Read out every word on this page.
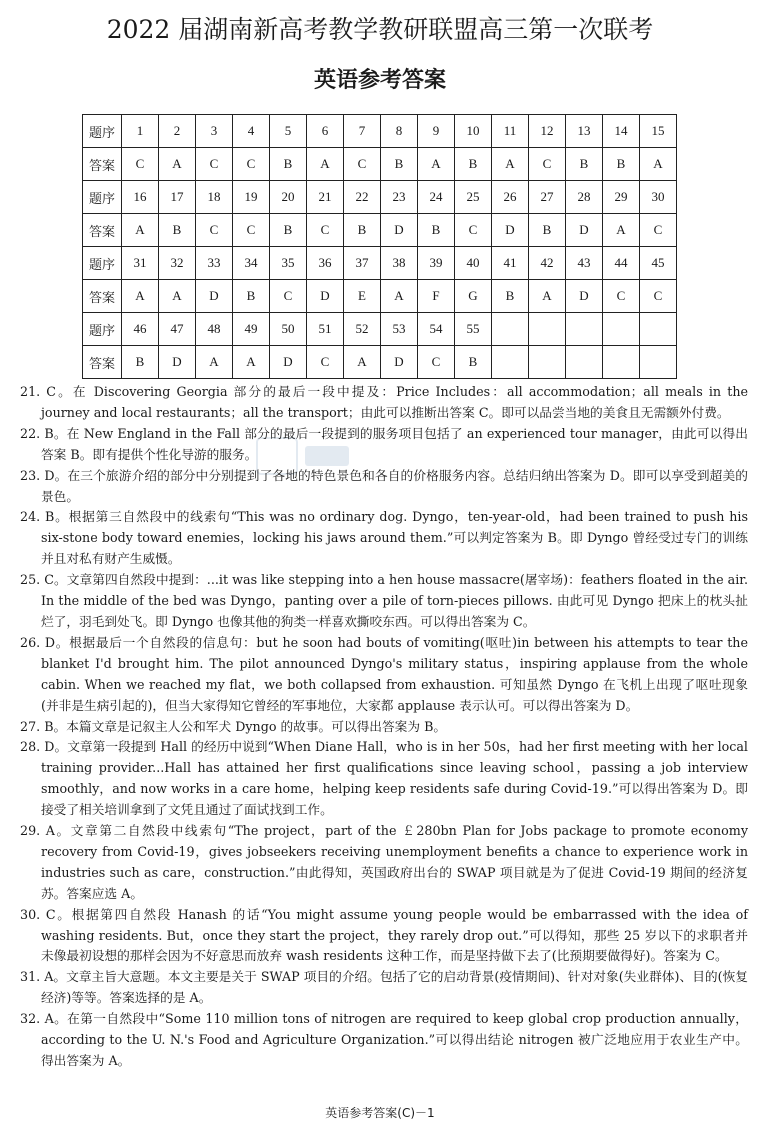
2022 届湖南新高考教学教研联盟高三第一次联考
英语参考答案
题序	1	2	3	4	5	6	7	8	9	10	11	12	13	14	15
答案	C	A	C	C	B	A	C	B	A	B	A	C	B	B	A
题序	16	17	18	19	20	21	22	23	24	25	26	27	28	29	30
答案	A	B	C	C	B	C	B	D	B	C	D	B	D	A	C
题序	31	32	33	34	35	36	37	38	39	40	41	42	43	44	45
答案	A	A	D	B	C	D	E	A	F	G	B	A	D	C	C
题序	46	47	48	49	50	51	52	53	54	55					
答案	B	D	A	A	D	C	A	D	C	B					

21. C。在 Discovering Georgia 部分的最后一段中提及：Price Includes：all accommodation；all meals in the journey and local restaurants；all the transport；由此可以推断出答案 C。即可以品尝当地的美食且无需额外付费。

22. B。在 New England in the Fall 部分的最后一段提到的服务项目包括了 an experienced tour manager，由此可以得出答案 B。即有提供个性化导游的服务。

23. D。在三个旅游介绍的部分中分别提到了各地的特色景色和各自的价格服务内容。总结归纳出答案为 D。即可以享受到超美的景色。

24. B。根据第三自然段中的线索句“This was no ordinary dog. Dyngo，ten-year-old，had been trained to push his six-stone body toward enemies，locking his jaws around them.”可以判定答案为 B。即 Dyngo 曾经受过专门的训练并且对私有财产生威慑。

25. C。文章第四自然段中提到：...it was like stepping into a hen house massacre(屠宰场)：feathers floated in the air. In the middle of the bed was Dyngo，panting over a pile of torn-pieces pillows. 由此可见 Dyngo 把床上的枕头扯烂了，羽毛到处飞。即 Dyngo 也像其他的狗类一样喜欢撕咬东西。可以得出答案为 C。

26. D。根据最后一个自然段的信息句：but he soon had bouts of vomiting(呕吐)in between his attempts to tear the blanket I'd brought him. The pilot announced Dyngo's military status，inspiring applause from the whole cabin. When we reached my flat，we both collapsed from exhaustion. 可知虽然 Dyngo 在飞机上出现了呕吐现象(并非是生病引起的)，但当大家得知它曾经的军事地位，大家都 applause 表示认可。可以得出答案为 D。

27. B。本篇文章是记叙主人公和军犬 Dyngo 的故事。可以得出答案为 B。

28. D。文章第一段提到 Hall 的经历中说到“When Diane Hall，who is in her 50s，had her first meeting with her local training provider...Hall has attained her first qualifications since leaving school，passing a job interview smoothly，and now works in a care home，helping keep residents safe during Covid-19.”可以得出答案为 D。即接受了相关培训拿到了文凭且通过了面试找到工作。

29. A。文章第二自然段中线索句“The project，part of the ￡280bn Plan for Jobs package to promote economy recovery from Covid-19，gives jobseekers receiving unemployment benefits a chance to experience work in industries such as care，construction.”由此得知，英国政府出台的 SWAP 项目就是为了促进 Covid-19 期间的经济复苏。答案应选 A。

30. C。根据第四自然段 Hanash 的话“You might assume young people would be embarrassed with the idea of washing residents. But，once they start the project，they rarely drop out.”可以得知，那些 25 岁以下的求职者并未像最初设想的那样会因为不好意思而放弃 wash residents 这种工作，而是坚持做下去了(比预期要做得好)。答案为 C。

31. A。文章主旨大意题。本文主要是关于 SWAP 项目的介绍。包括了它的启动背景(疫情期间)、针对对象(失业群体)、目的(恢复经济)等等。答案选择的是 A。

32. A。在第一自然段中“Some 110 million tons of nitrogen are required to keep global crop production annually，according to the U. N.'s Food and Agriculture Organization.”可以得出结论 nitrogen 被广泛地应用于农业生产中。得出答案为 A。

英语参考答案(C)－1
